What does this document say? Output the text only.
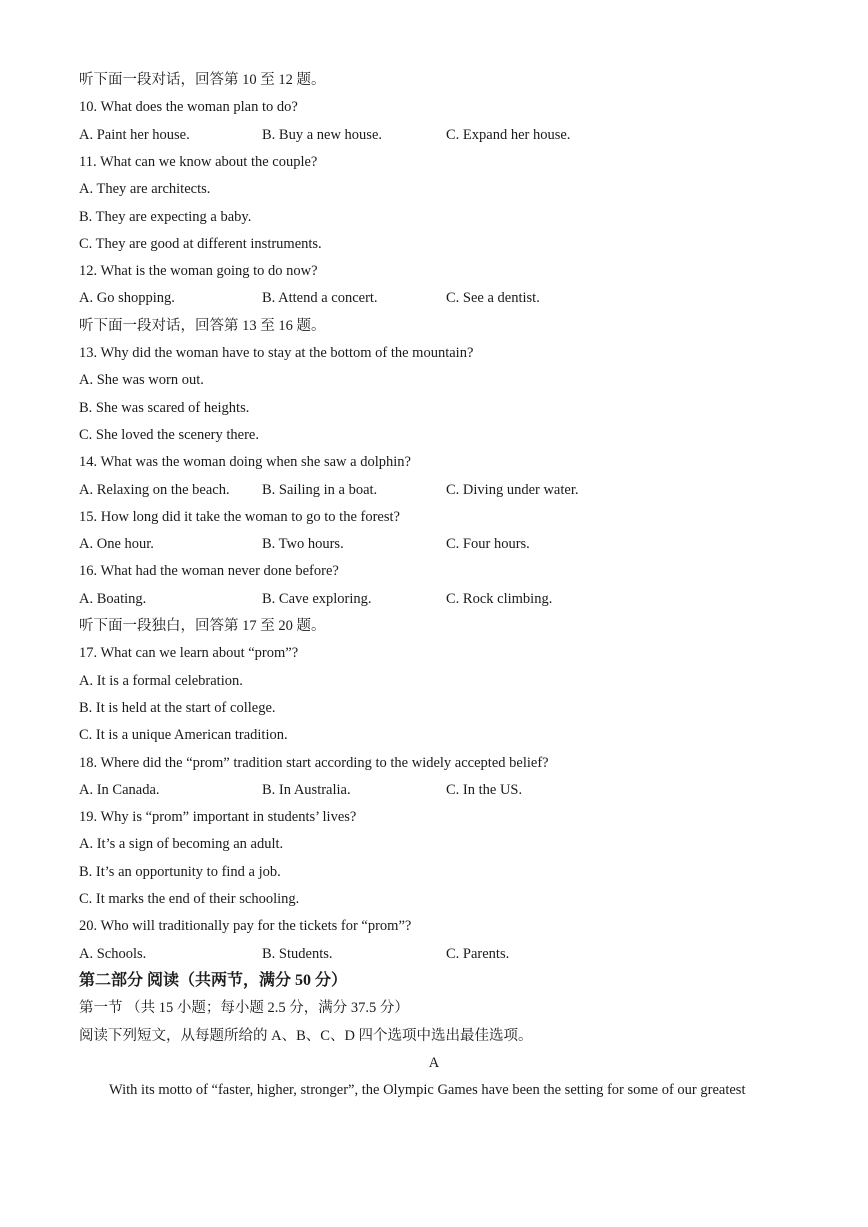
听下面一段对话，回答第 10 至 12 题。
10. What does the woman plan to do?
A. Paint her house.	B. Buy a new house.	C. Expand her house.
11. What can we know about the couple?
A. They are architects.
B. They are expecting a baby.
C. They are good at different instruments.
12. What is the woman going to do now?
A. Go shopping.	B. Attend a concert.	C. See a dentist.
听下面一段对话，回答第 13 至 16 题。
13. Why did the woman have to stay at the bottom of the mountain?
A. She was worn out.
B. She was scared of heights.
C. She loved the scenery there.
14. What was the woman doing when she saw a dolphin?
A. Relaxing on the beach. B. Sailing in a boat.	C. Diving under water.
15. How long did it take the woman to go to the forest?
A. One hour.	B. Two hours.	C. Four hours.
16. What had the woman never done before?
A. Boating.	B. Cave exploring.	C. Rock climbing.
听下面一段独白，回答第 17 至 20 题。
17. What can we learn about “prom”?
A. It is a formal celebration.
B. It is held at the start of college.
C. It is a unique American tradition.
18. Where did the “prom” tradition start according to the widely accepted belief?
A. In Canada.	B. In Australia.	C. In the US.
19. Why is “prom” important in students’ lives?
A. It’s a sign of becoming an adult.
B. It’s an opportunity to find a job.
C. It marks the end of their schooling.
20. Who will traditionally pay for the tickets for “prom”?
A. Schools.	B. Students.	C. Parents.
第二部分 阅读（共两节，满分 50 分）
第一节 （共 15 小题；每小题 2.5 分，满分 37.5 分）
阅读下列短文，从每题所给的 A、B、C、D 四个选项中选出最佳选项。
A
With its motto of “faster, higher, stronger”, the Olympic Games have been the setting for some of our greatest
